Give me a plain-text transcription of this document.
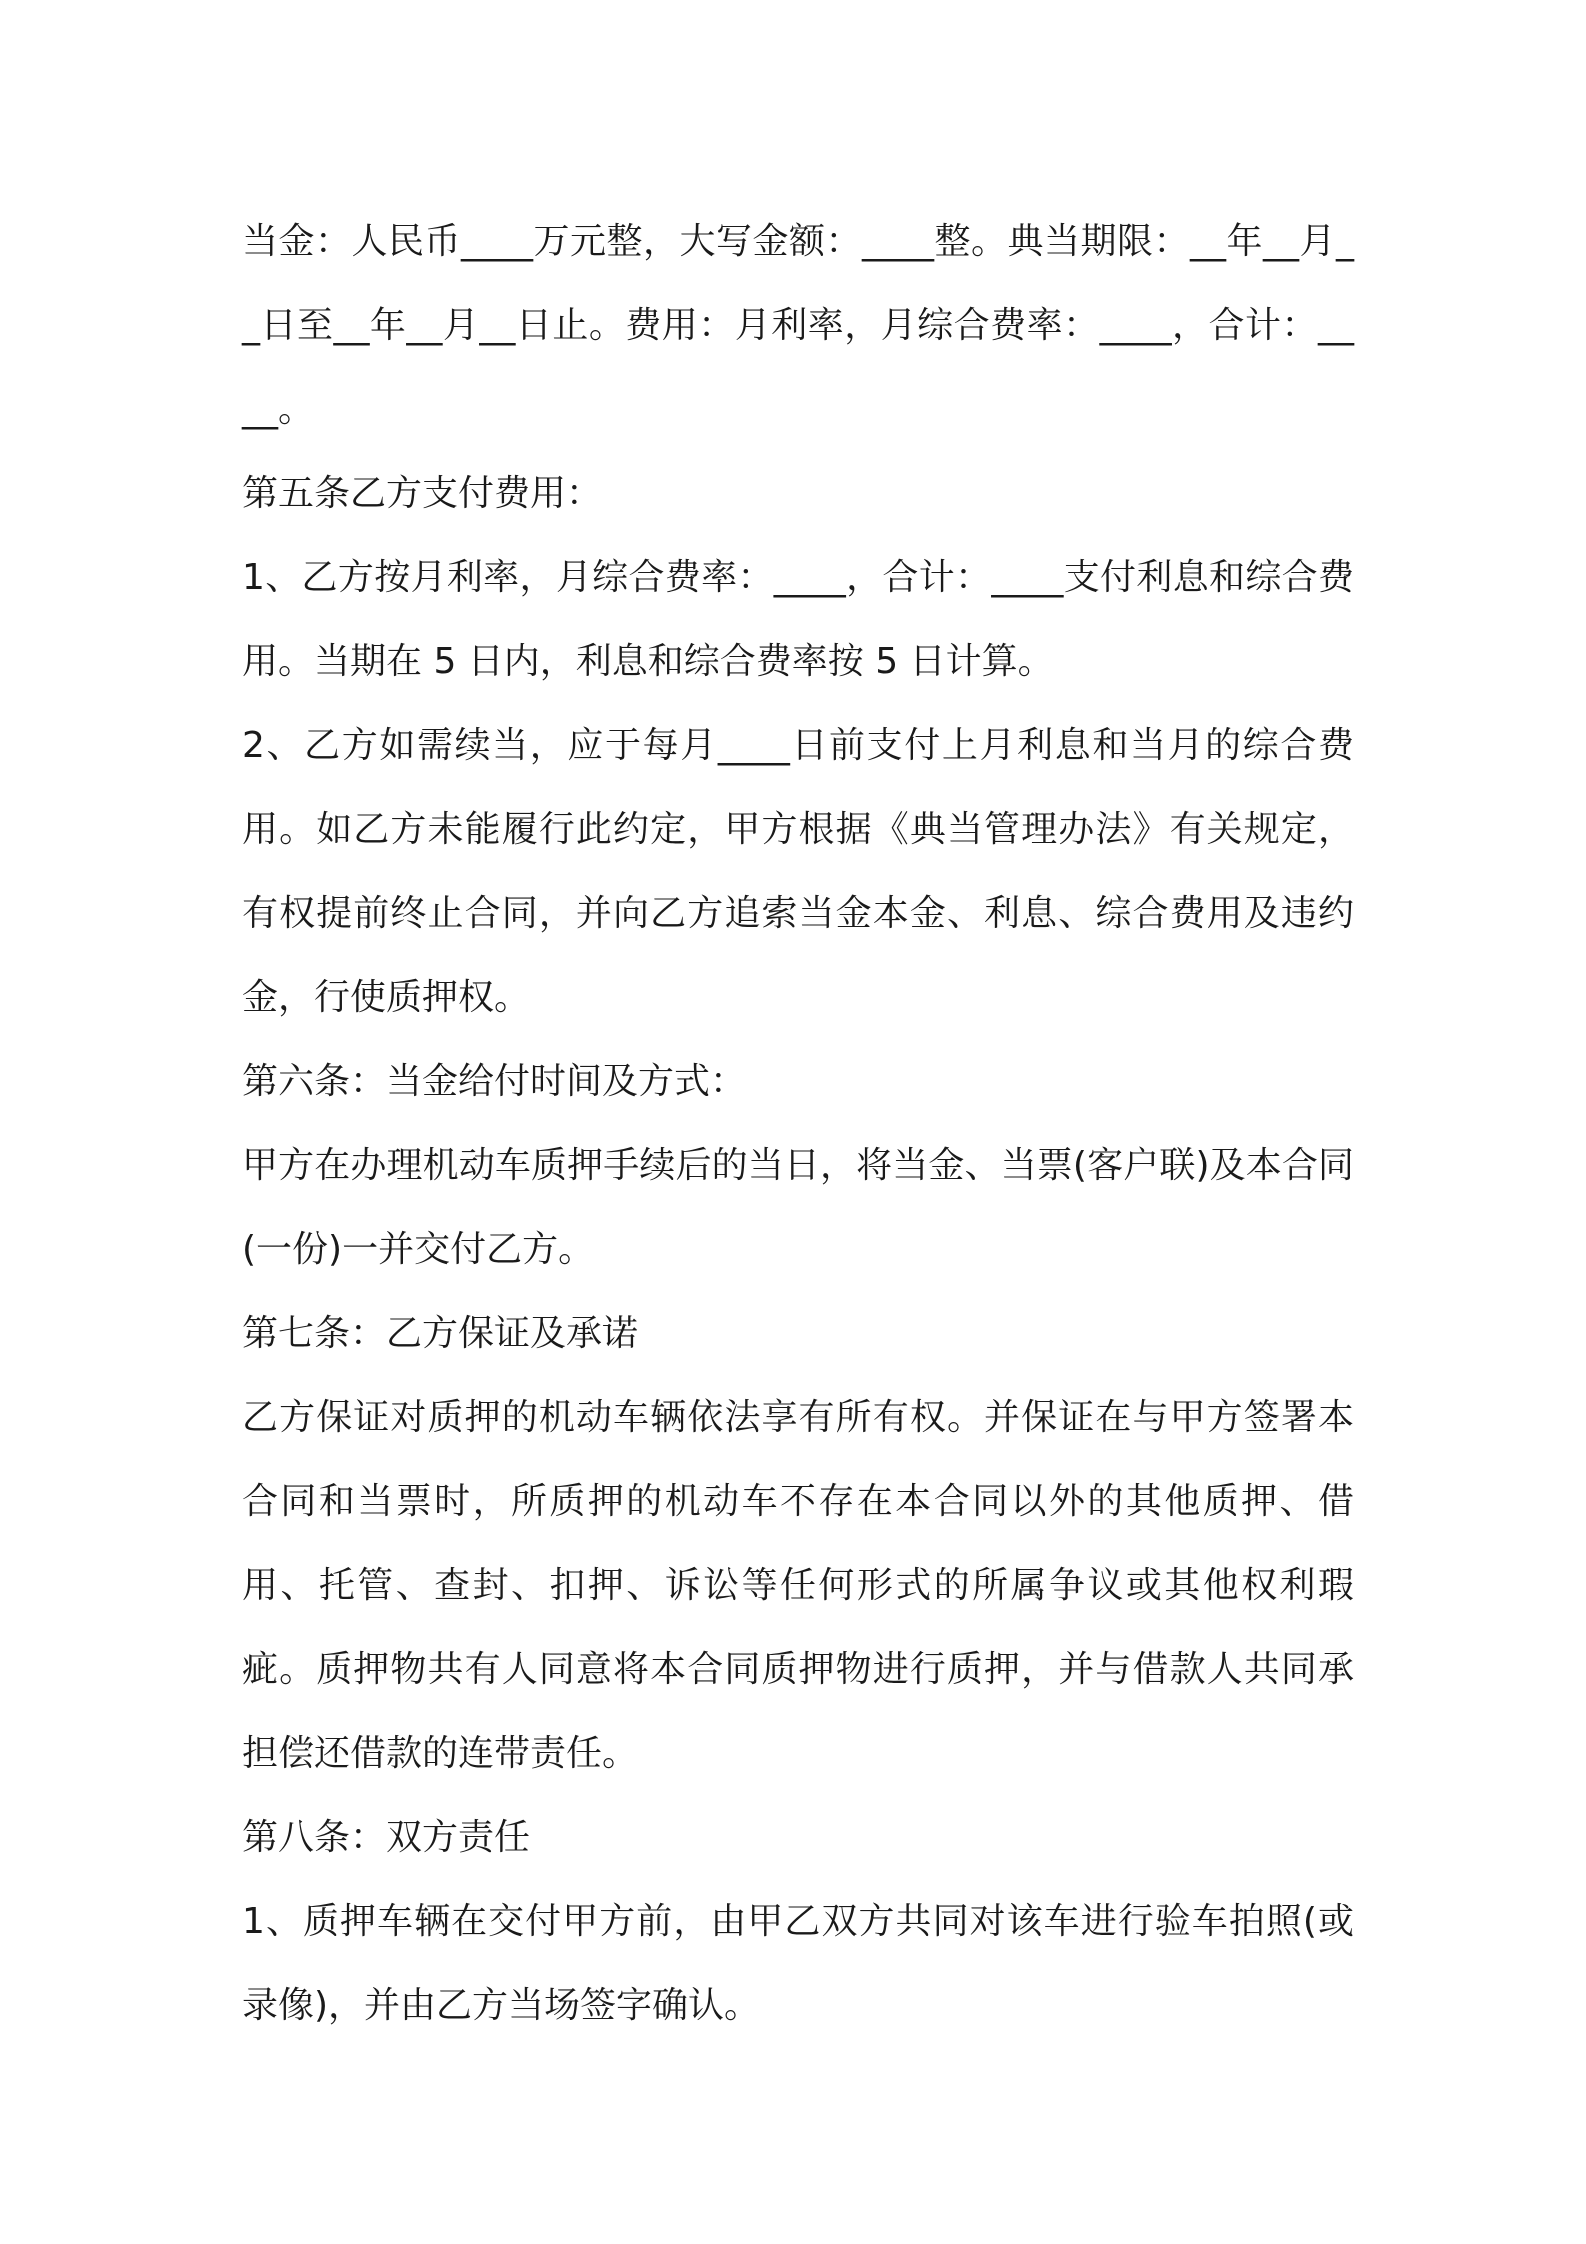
当金：人民币____万元整，大写金额：____整。典当期限：__年__月__日至__年__月__日止。费用：月利率，月综合费率：____，合计：____。

第五条乙方支付费用：

1、乙方按月利率，月综合费率：____，合计：____支付利息和综合费用。当期在 5 日内，利息和综合费率按 5 日计算。

2、乙方如需续当，应于每月____日前支付上月利息和当月的综合费用。如乙方未能履行此约定，甲方根据《典当管理办法》有关规定，有权提前终止合同，并向乙方追索当金本金、利息、综合费用及违约金，行使质押权。

第六条：当金给付时间及方式：

甲方在办理机动车质押手续后的当日，将当金、当票(客户联)及本合同(一份)一并交付乙方。

第七条：乙方保证及承诺

乙方保证对质押的机动车辆依法享有所有权。并保证在与甲方签署本合同和当票时，所质押的机动车不存在本合同以外的其他质押、借用、托管、查封、扣押、诉讼等任何形式的所属争议或其他权利瑕疵。质押物共有人同意将本合同质押物进行质押，并与借款人共同承担偿还借款的连带责任。

第八条：双方责任

1、质押车辆在交付甲方前，由甲乙双方共同对该车进行验车拍照(或录像)，并由乙方当场签字确认。
